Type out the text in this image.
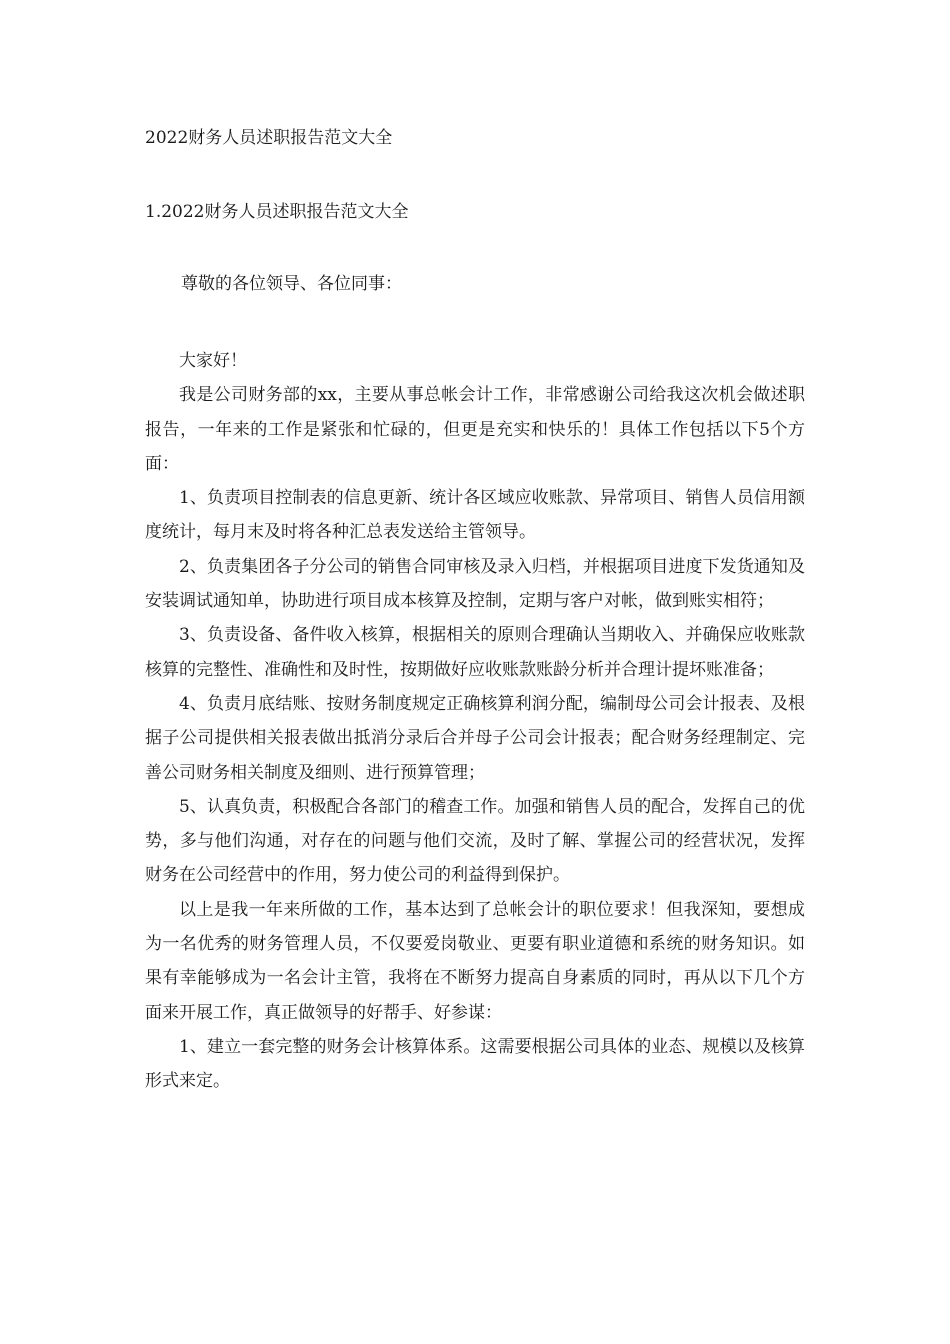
2022财务人员述职报告范文大全
1.2022财务人员述职报告范文大全
尊敬的各位领导、各位同事：

大家好！

我是公司财务部的xx，主要从事总帐会计工作，非常感谢公司给我这次机会做述职报告，一年来的工作是紧张和忙碌的，但更是充实和快乐的！具体工作包括以下5个方面：

1、负责项目控制表的信息更新、统计各区域应收账款、异常项目、销售人员信用额度统计，每月末及时将各种汇总表发送给主管领导。

2、负责集团各子分公司的销售合同审核及录入归档，并根据项目进度下发货通知及安装调试通知单，协助进行项目成本核算及控制，定期与客户对帐，做到账实相符；

3、负责设备、备件收入核算，根据相关的原则合理确认当期收入、并确保应收账款核算的完整性、准确性和及时性，按期做好应收账款账龄分析并合理计提坏账准备；

4、负责月底结账、按财务制度规定正确核算利润分配，编制母公司会计报表、及根据子公司提供相关报表做出抵消分录后合并母子公司会计报表；配合财务经理制定、完善公司财务相关制度及细则、进行预算管理；

5、认真负责，积极配合各部门的稽查工作。加强和销售人员的配合，发挥自己的优势，多与他们沟通，对存在的问题与他们交流，及时了解、掌握公司的经营状况，发挥财务在公司经营中的作用，努力使公司的利益得到保护。

以上是我一年来所做的工作，基本达到了总帐会计的职位要求！但我深知，要想成为一名优秀的财务管理人员，不仅要爱岗敬业、更要有职业道德和系统的财务知识。如果有幸能够成为一名会计主管，我将在不断努力提高自身素质的同时，再从以下几个方面来开展工作，真正做领导的好帮手、好参谋：

1、建立一套完整的财务会计核算体系。这需要根据公司具体的业态、规模以及核算形式来定。
